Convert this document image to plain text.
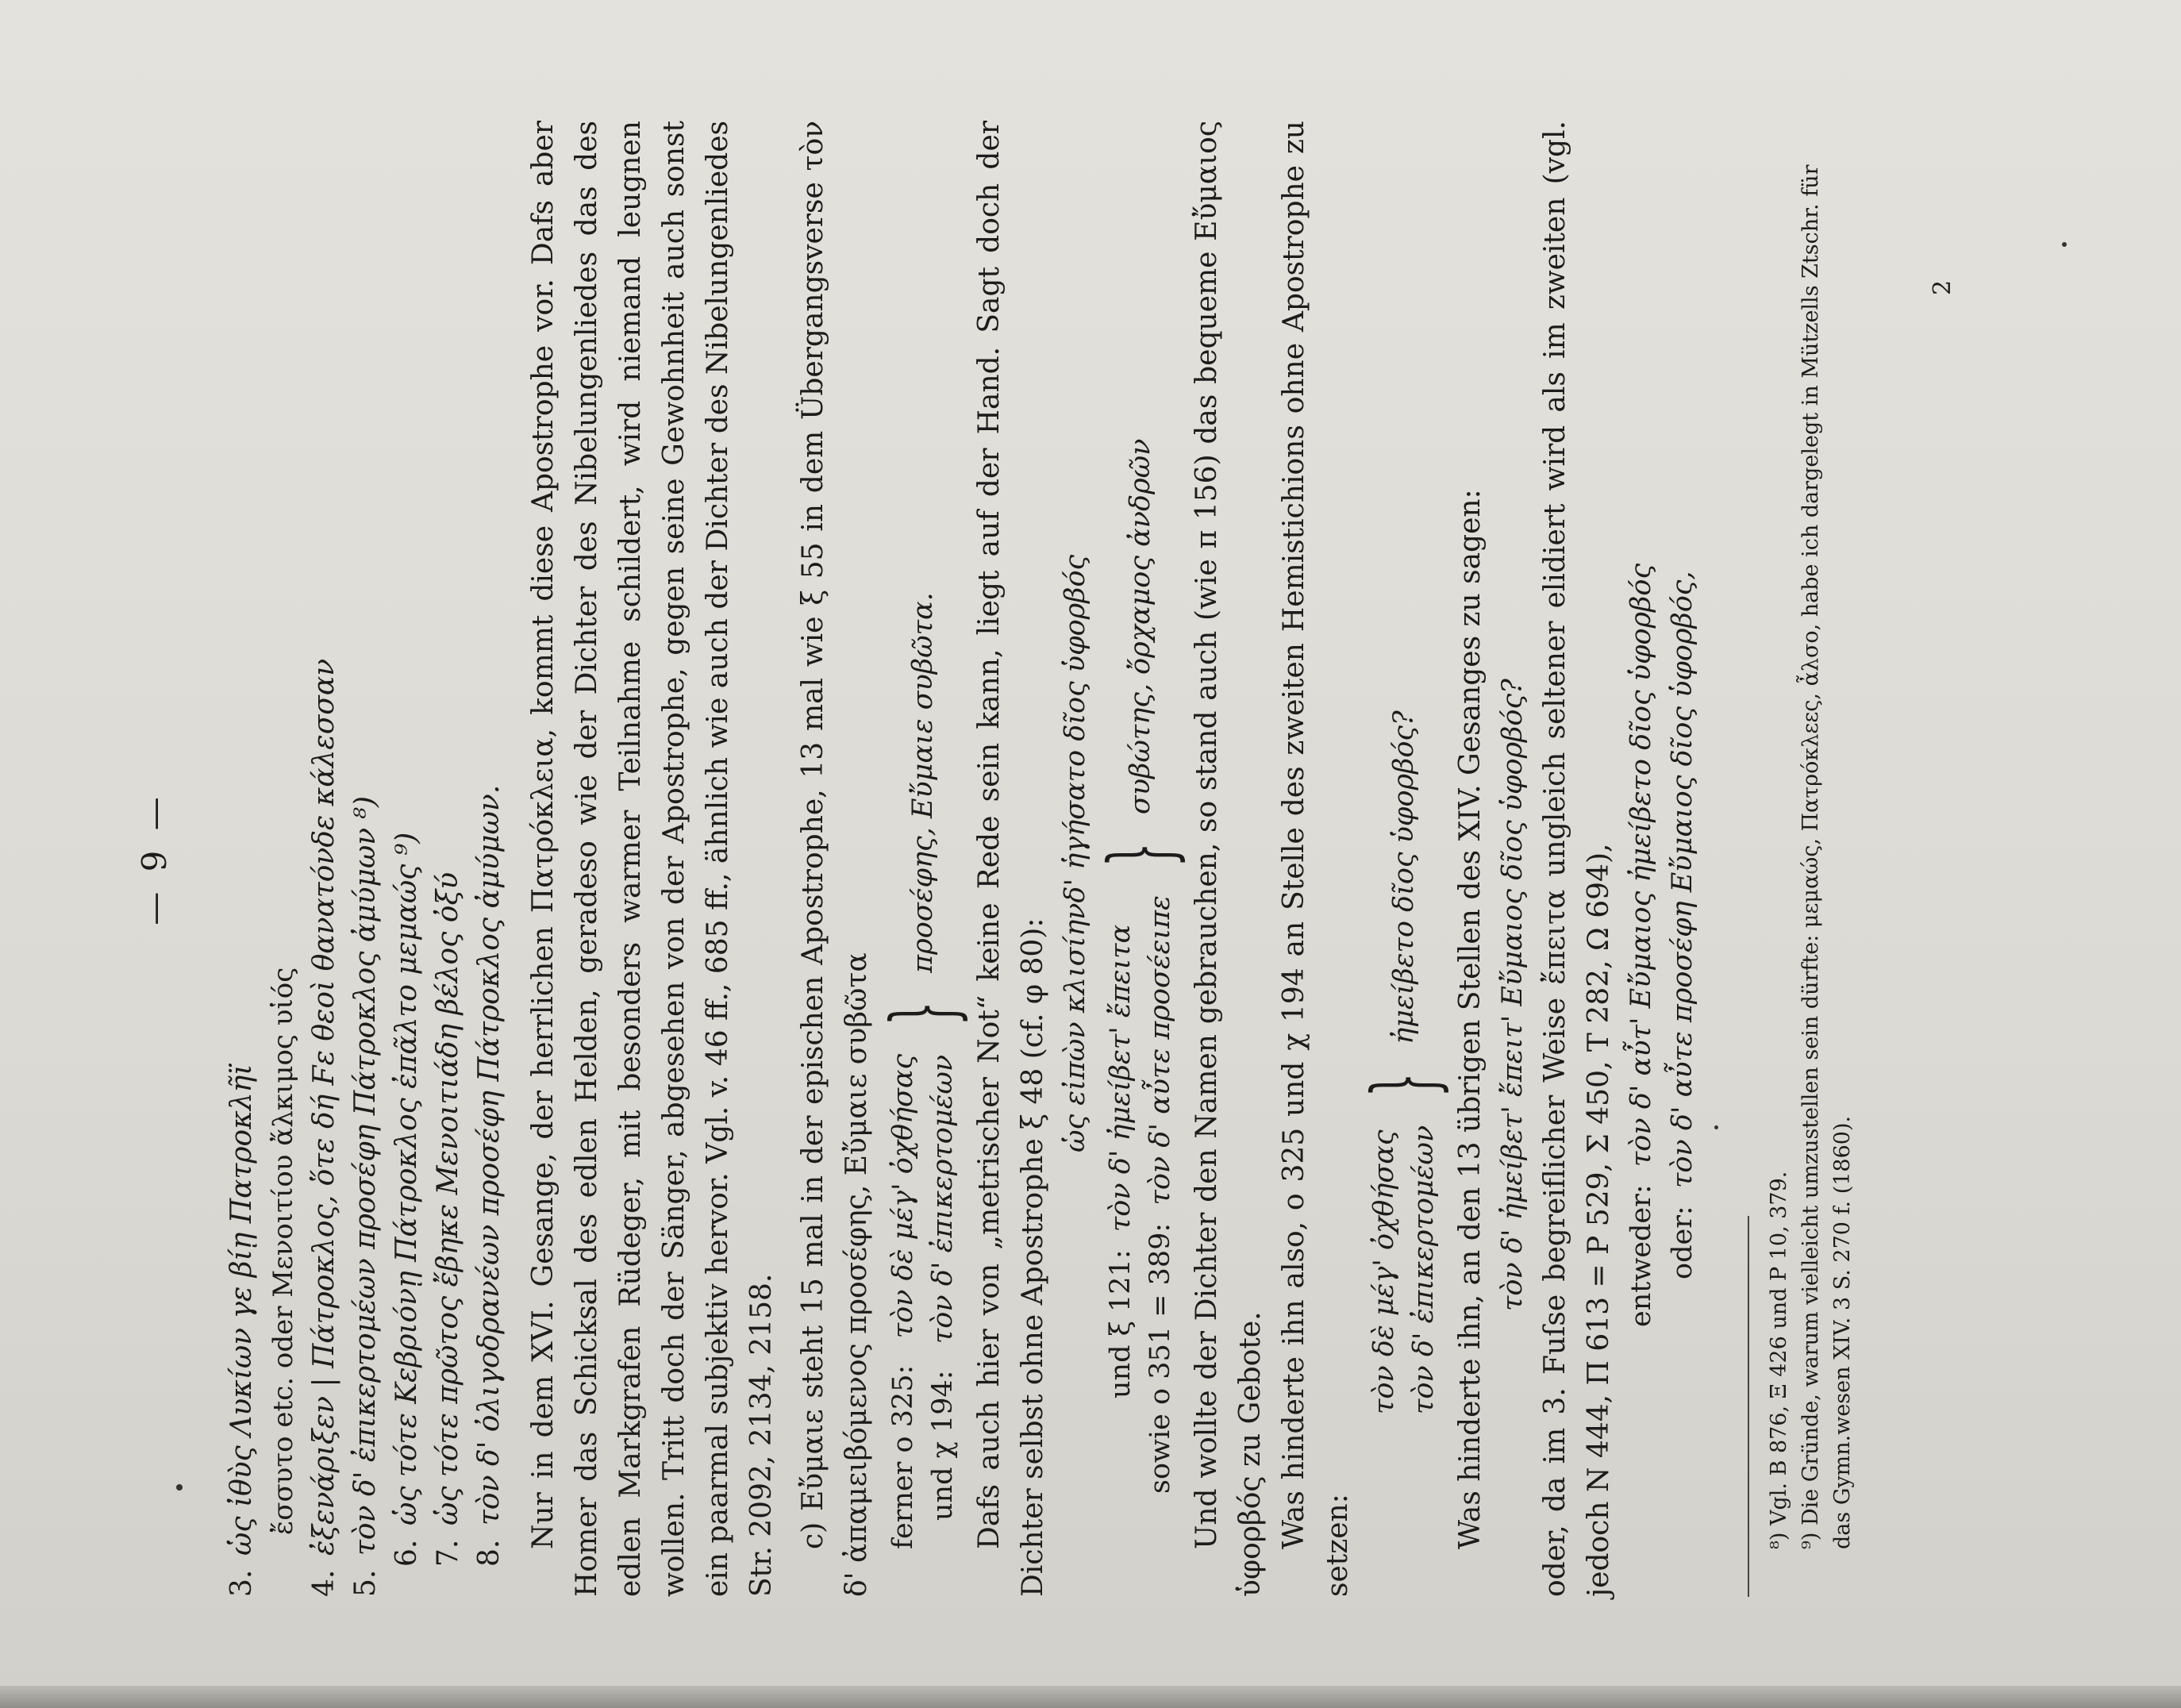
— 9 —
3.
ὡς ἰθὺς Λυκίων γε βίῃ Πατροκλῆϊ ἔσσυτο etc. oder Μενοιτίου ἄλκιμος υἱός
4.
ἐξενάριξεν | Πάτροκλος, ὅτε δή Ϝε θεοὶ θανατόνδε κάλεσσαν
5.
τὸν δ' ἐπικερτομέων προσέφη Πάτροκλος ἀμύμων ⁸) 6.
ὡς τότε Κεβριόνῃ Πάτροκλος ἐπᾶλτο μεμαώς ⁹)
7.
ὡς τότε πρῶτος ἔβηκε Μενοιτιάδη βέλος ὀξύ
8.
τὸν δ' ὀλιγοδρανέων προσέφη Πάτροκλος ἀμύμων. Nur in dem XVI. Gesange, der herrlichen Πατρόκλεια, kommt diese Apostrophe vor. Dafs aber Homer das Schicksal des edlen Helden, geradeso wie der Dichter des Nibelungenliedes das des edlen Markgrafen Rüdeger, mit besonders warmer Teilnahme schildert, wird niemand leugnen wollen. Tritt doch der Sänger, abgesehen von der Apostrophe, gegen seine Gewohnheit auch sonst ein paarmal subjektiv hervor. Vgl. v. 46 ff., 685 ff., ähnlich wie auch der Dichter des Nibelungenliedes Str. 2092, 2134, 2158. c) Εὔμαιε steht 15 mal in der epischen Apostrophe, 13 mal wie ξ 55 in dem Übergangsverse τὸν δ' ἀπαμειβόμενος προσέφης, Εὔμαιε συβῶτα ferner ο 325:   τὸν δὲ μέγ' ὀχθήσας
und χ 194:   τὸν δ' ἐπικερτομέων
}
προσέφης, Εὔμαιε συβῶτα. Dafs auch hier von „metrischer Not“ keine Rede sein kann, liegt auf der Hand. Sagt doch der Dichter selbst ohne Apostrophe ξ 48 (cf. φ 80):

ὡς εἰπὼν κλισίηνδ' ἡγήσατο δῖος ὑφορβός
und ξ 121:  τὸν δ' ἠμείβετ' ἔπειτα
sowie ο 351 = 389:  τὸν δ' αὖτε προσέειπε
}
συβώτης, ὄρχαμος ἀνδρῶν Und wollte der Dichter den Namen gebrauchen, so stand auch (wie π 156) das bequeme Εὔμαιος ὑφορβός zu Gebote. Was hinderte ihn also, ο 325 und χ 194 an Stelle des zweiten Hemistichions ohne Apostrophe zu setzen:

τὸν δὲ μέγ' ὀχθήσας τὸν δ' ἐπικερτομέων
}
ἠμείβετο δῖος ὑφορβός? Was hinderte ihn, an den 13 übrigen Stellen des XIV. Gesanges zu sagen: τὸν δ' ἠμείβετ' ἔπειτ' Εὔμαιος δῖος ὑφορβός? oder, da im 3. Fuſse begreiflicher Weise ἔπειτα ungleich seltener elidiert wird als im zweiten (vgl. jedoch Ν 444, Π 613 = Ρ 529, Σ 450, Τ 282, Ω 694), entweder:  τὸν δ' αὖτ' Εὔμαιος ἠμείβετο δῖος ὑφορβός
oder:  τὸν δ' αὖτε προσέφη Εὔμαιος δῖος ὑφορβός,
⁸) Vgl. Β 876, Ξ 426 und Ρ 10, 379. ⁹) Die Gründe, warum vielleicht umzustellen sein dürfte: μεμαώς, Πατρόκλεες, ἆλσο, habe ich dargelegt in Mützells Ztschr. für das Gymn.wesen XIV. 3 S. 270 f. (1860).
2
